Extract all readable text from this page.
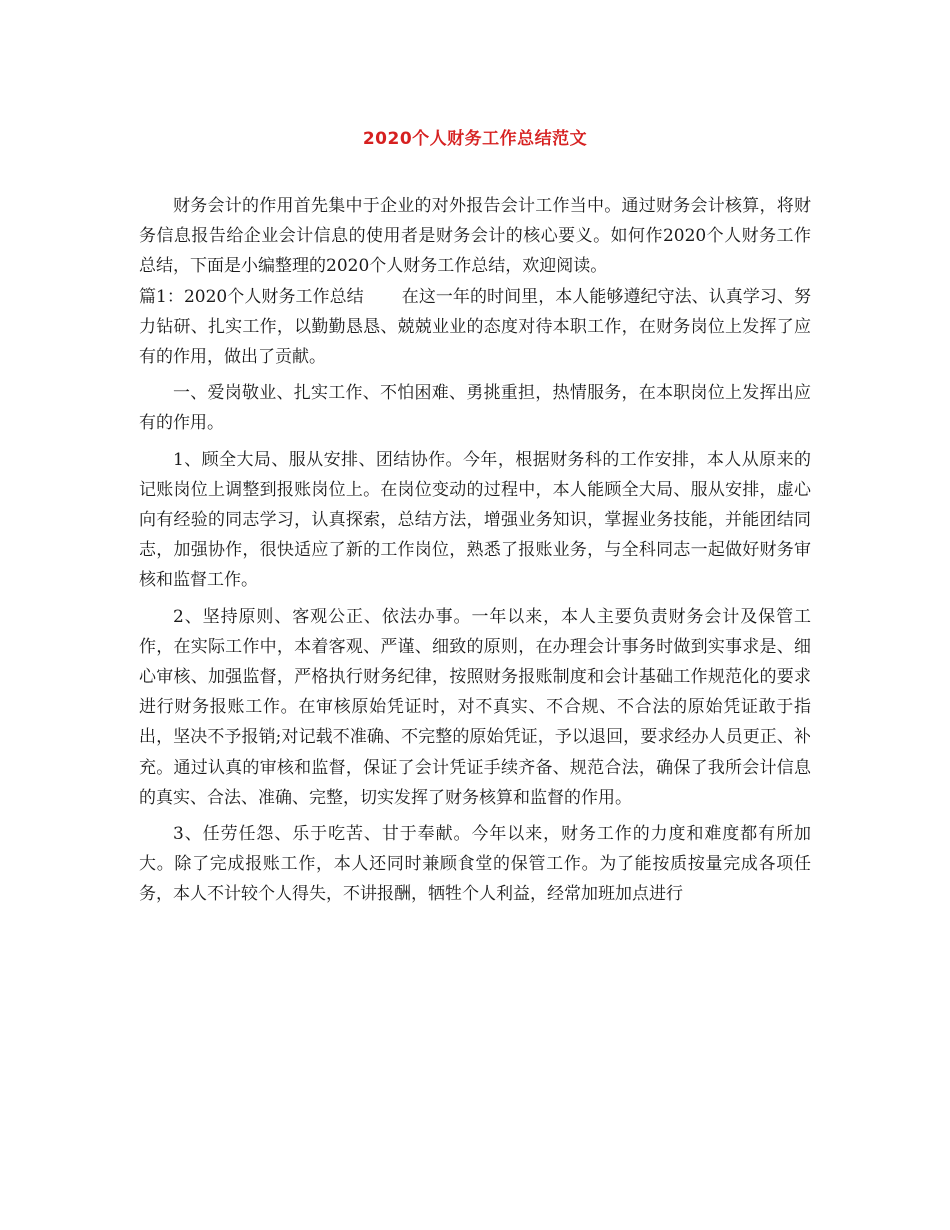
2020个人财务工作总结范文

财务会计的作用首先集中于企业的对外报告会计工作当中。通过财务会计核算，将财务信息报告给企业会计信息的使用者是财务会计的核心要义。如何作2020个人财务工作总结，下面是小编整理的2020个人财务工作总结，欢迎阅读。

篇1：2020个人财务工作总结 在这一年的时间里，本人能够遵纪守法、认真学习、努力钻研、扎实工作，以勤勤恳恳、兢兢业业的态度对待本职工作，在财务岗位上发挥了应有的作用，做出了贡献。

一、爱岗敬业、扎实工作、不怕困难、勇挑重担，热情服务，在本职岗位上发挥出应有的作用。

1、顾全大局、服从安排、团结协作。今年，根据财务科的工作安排，本人从原来的记账岗位上调整到报账岗位上。在岗位变动的过程中，本人能顾全大局、服从安排，虚心向有经验的同志学习，认真探索，总结方法，增强业务知识，掌握业务技能，并能团结同志，加强协作，很快适应了新的工作岗位，熟悉了报账业务，与全科同志一起做好财务审核和监督工作。

2、坚持原则、客观公正、依法办事。一年以来，本人主要负责财务会计及保管工作，在实际工作中，本着客观、严谨、细致的原则，在办理会计事务时做到实事求是、细心审核、加强监督，严格执行财务纪律，按照财务报账制度和会计基础工作规范化的要求进行财务报账工作。在审核原始凭证时，对不真实、不合规、不合法的原始凭证敢于指出，坚决不予报销;对记载不准确、不完整的原始凭证，予以退回，要求经办人员更正、补充。通过认真的审核和监督，保证了会计凭证手续齐备、规范合法，确保了我所会计信息的真实、合法、准确、完整，切实发挥了财务核算和监督的作用。

3、任劳任怨、乐于吃苦、甘于奉献。今年以来，财务工作的力度和难度都有所加大。除了完成报账工作，本人还同时兼顾食堂的保管工作。为了能按质按量完成各项任务，本人不计较个人得失，不讲报酬，牺牲个人利益，经常加班加点进行
